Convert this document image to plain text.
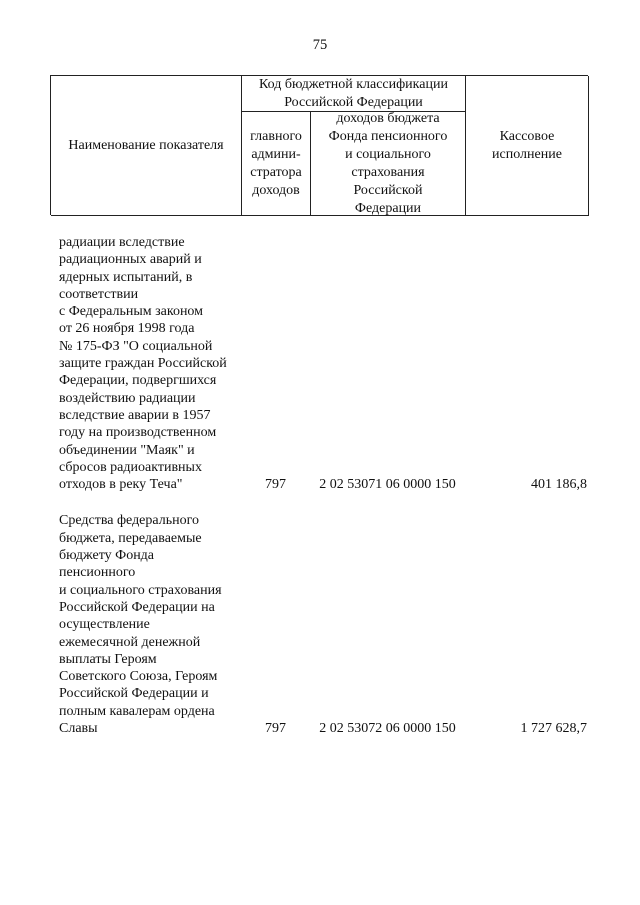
75
Наименование показателя
Код бюджетной классификации
Российской Федерации
главного
админи-
стратора
доходов
доходов бюджета
Фонда пенсионного
и социального
страхования
Российской
Федерации
Кассовое
исполнение
радиации вследствие
радиационных аварий и
ядерных испытаний, в
соответствии
с Федеральным законом
от 26 ноября 1998 года
№ 175-ФЗ "О социальной
защите граждан Российской
Федерации, подвергшихся
воздействию радиации
вследствие аварии в 1957
году на производственном
объединении "Маяк" и
сбросов радиоактивных
отходов в реку Теча"	797	2 02 53071 06 0000 150	401 186,8
Средства федерального
бюджета, передаваемые
бюджету Фонда
пенсионного
и социального страхования
Российской Федерации на
осуществление
ежемесячной денежной
выплаты Героям
Советского Союза, Героям
Российской Федерации и
полным кавалерам ордена
Славы	797	2 02 53072 06 0000 150	1 727 628,7
